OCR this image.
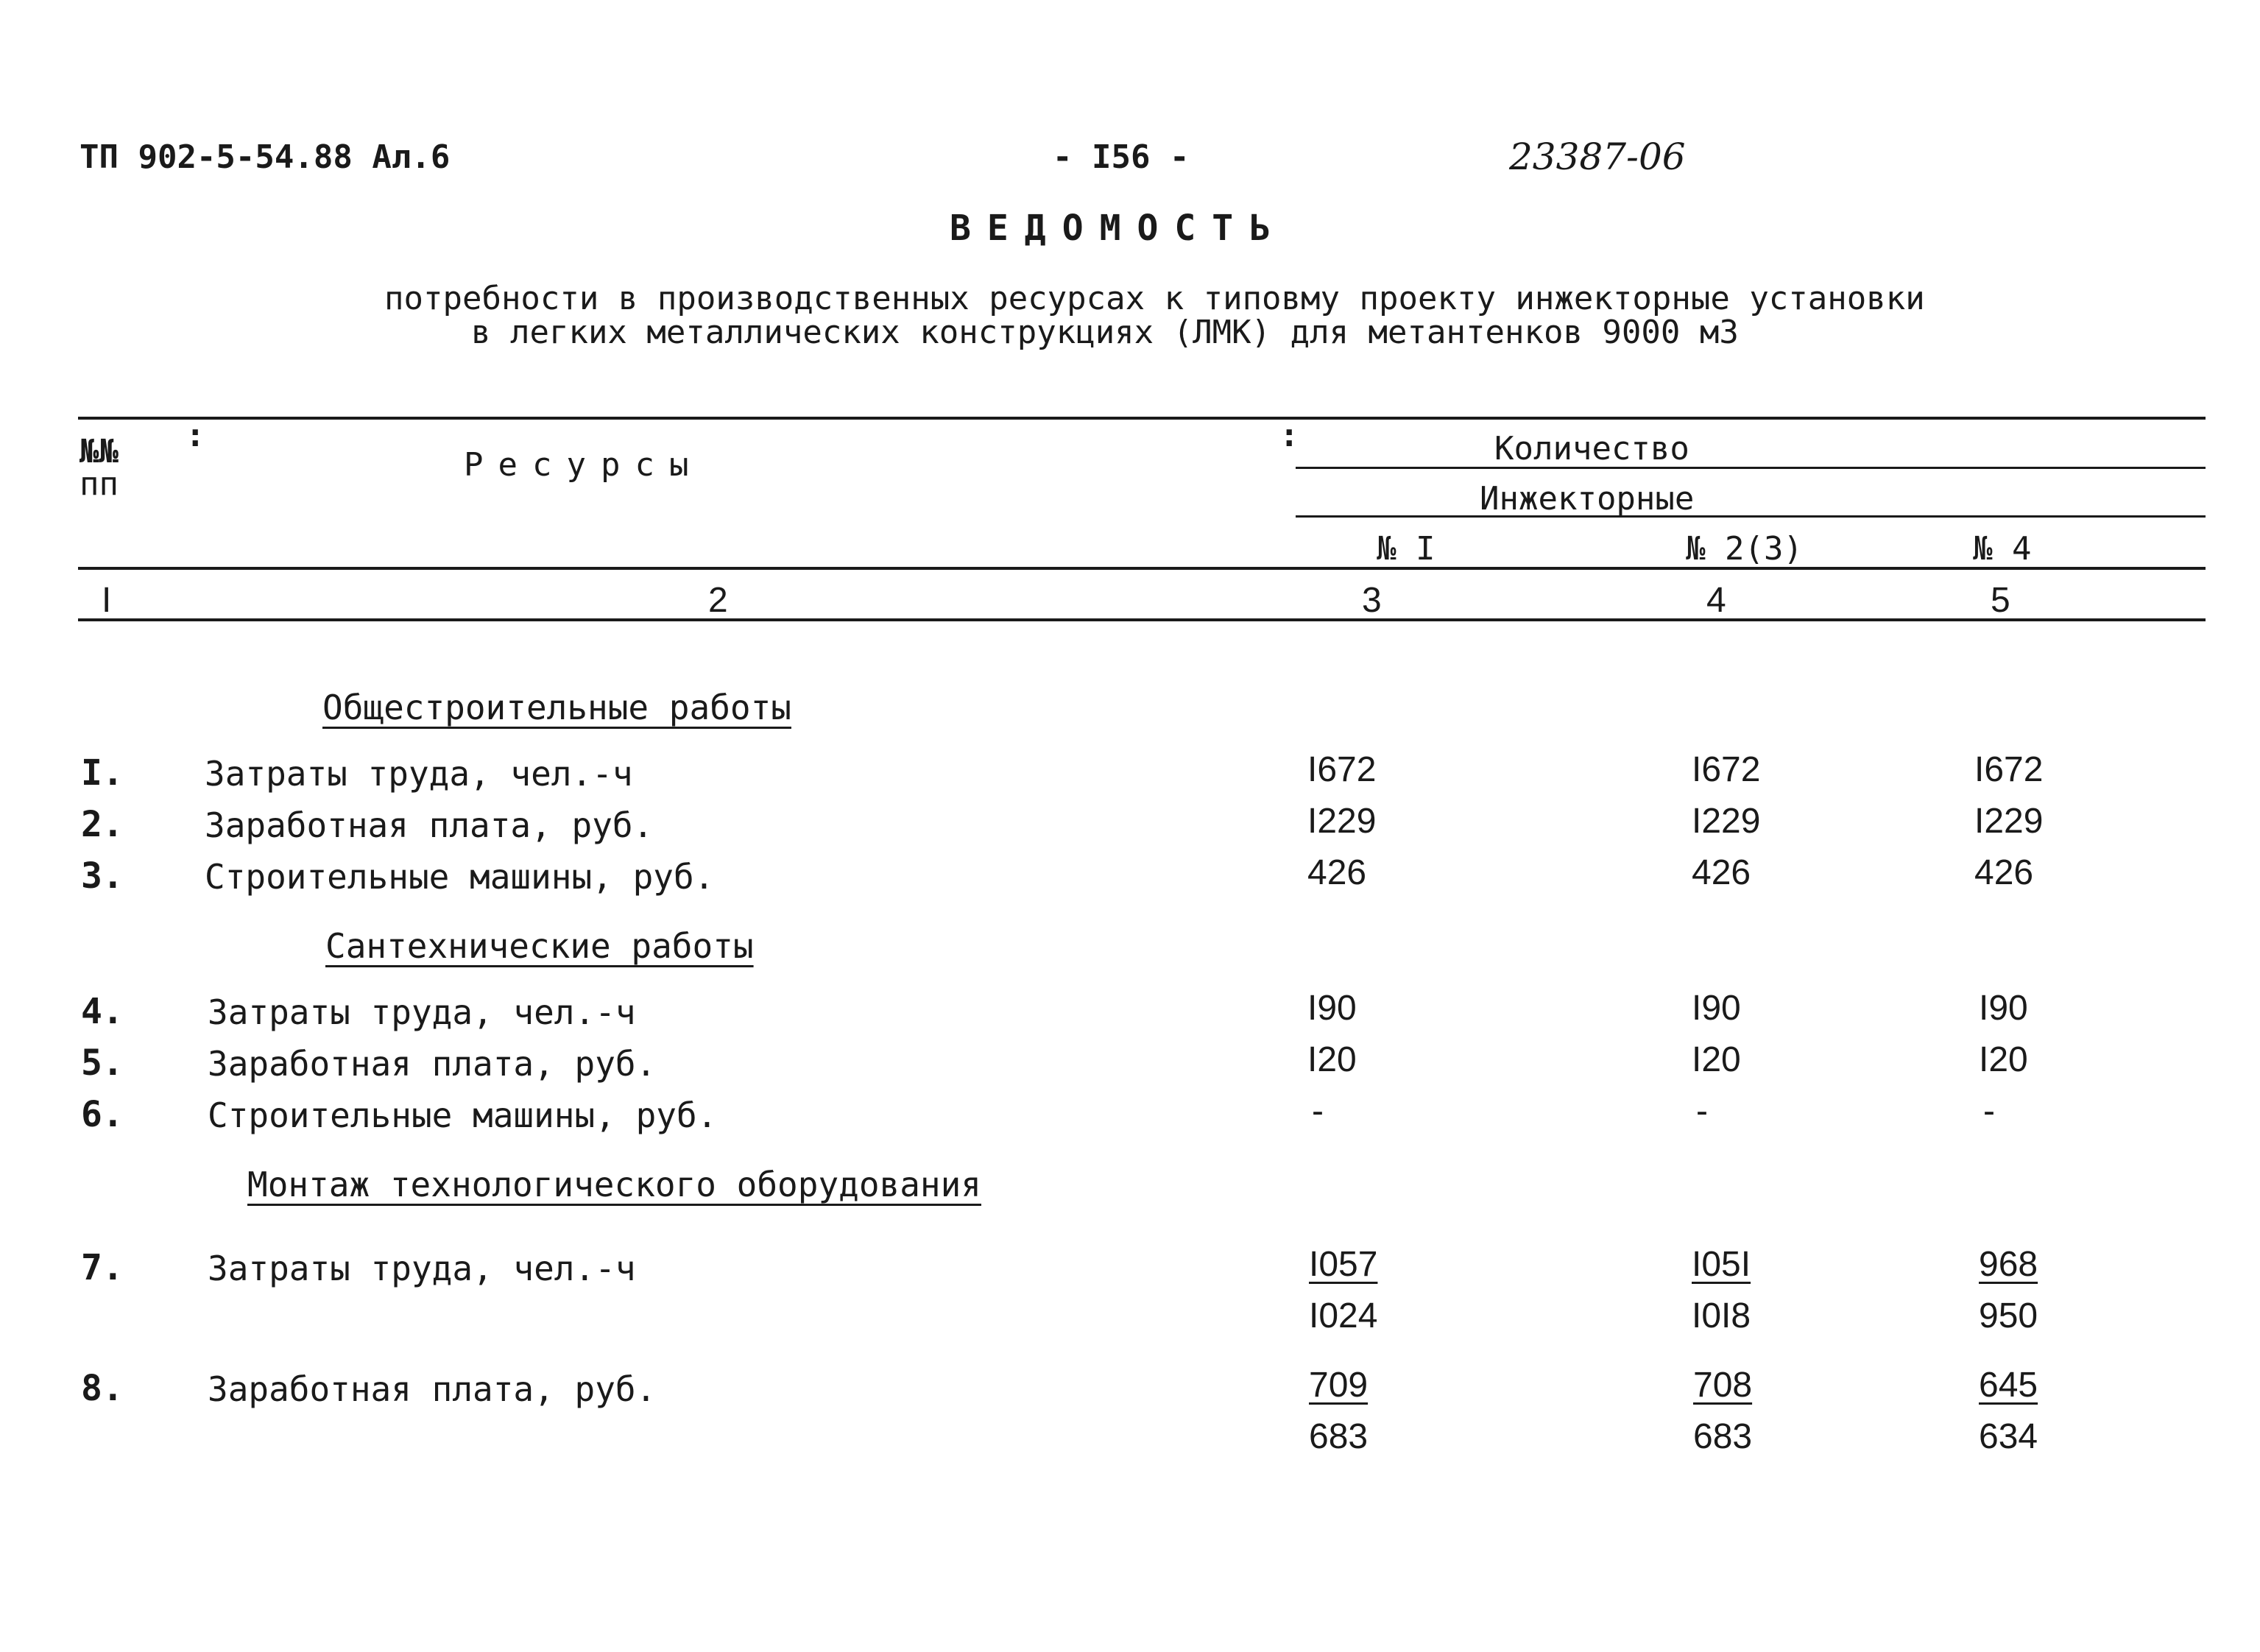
ТП 902-5-54.88 Ал.6	- I56 -	23387-06
ВЕДОМОСТЬ
потребности в производственных ресурсах к типовму проекту инжекторные установки
в легких металлических конструкциях (ЛМК) для метантенков 9000 м3
№№
пп
:
Ресурсы
:	Количество
Инжекторные
№ I	№ 2(3)	№ 4
I	2	3	4	5
Общестроительные работы
I. Затраты труда, чел.-ч	I672	I672	I672
2. Заработная плата, руб.	I229	I229	I229
3. Строительные машины, руб.	426	426	426
Сантехнические работы
4. Затраты труда, чел.-ч	I90	I90	I90
5. Заработная плата, руб.	I20	I20	I20
6. Строительные машины, руб.	-	-	-
Монтаж технологического оборудования
7. Затраты труда, чел.-ч	I057	I05I	968
I024	I0I8	950
8. Заработная плата, руб.	709	708	645
683	683	634
